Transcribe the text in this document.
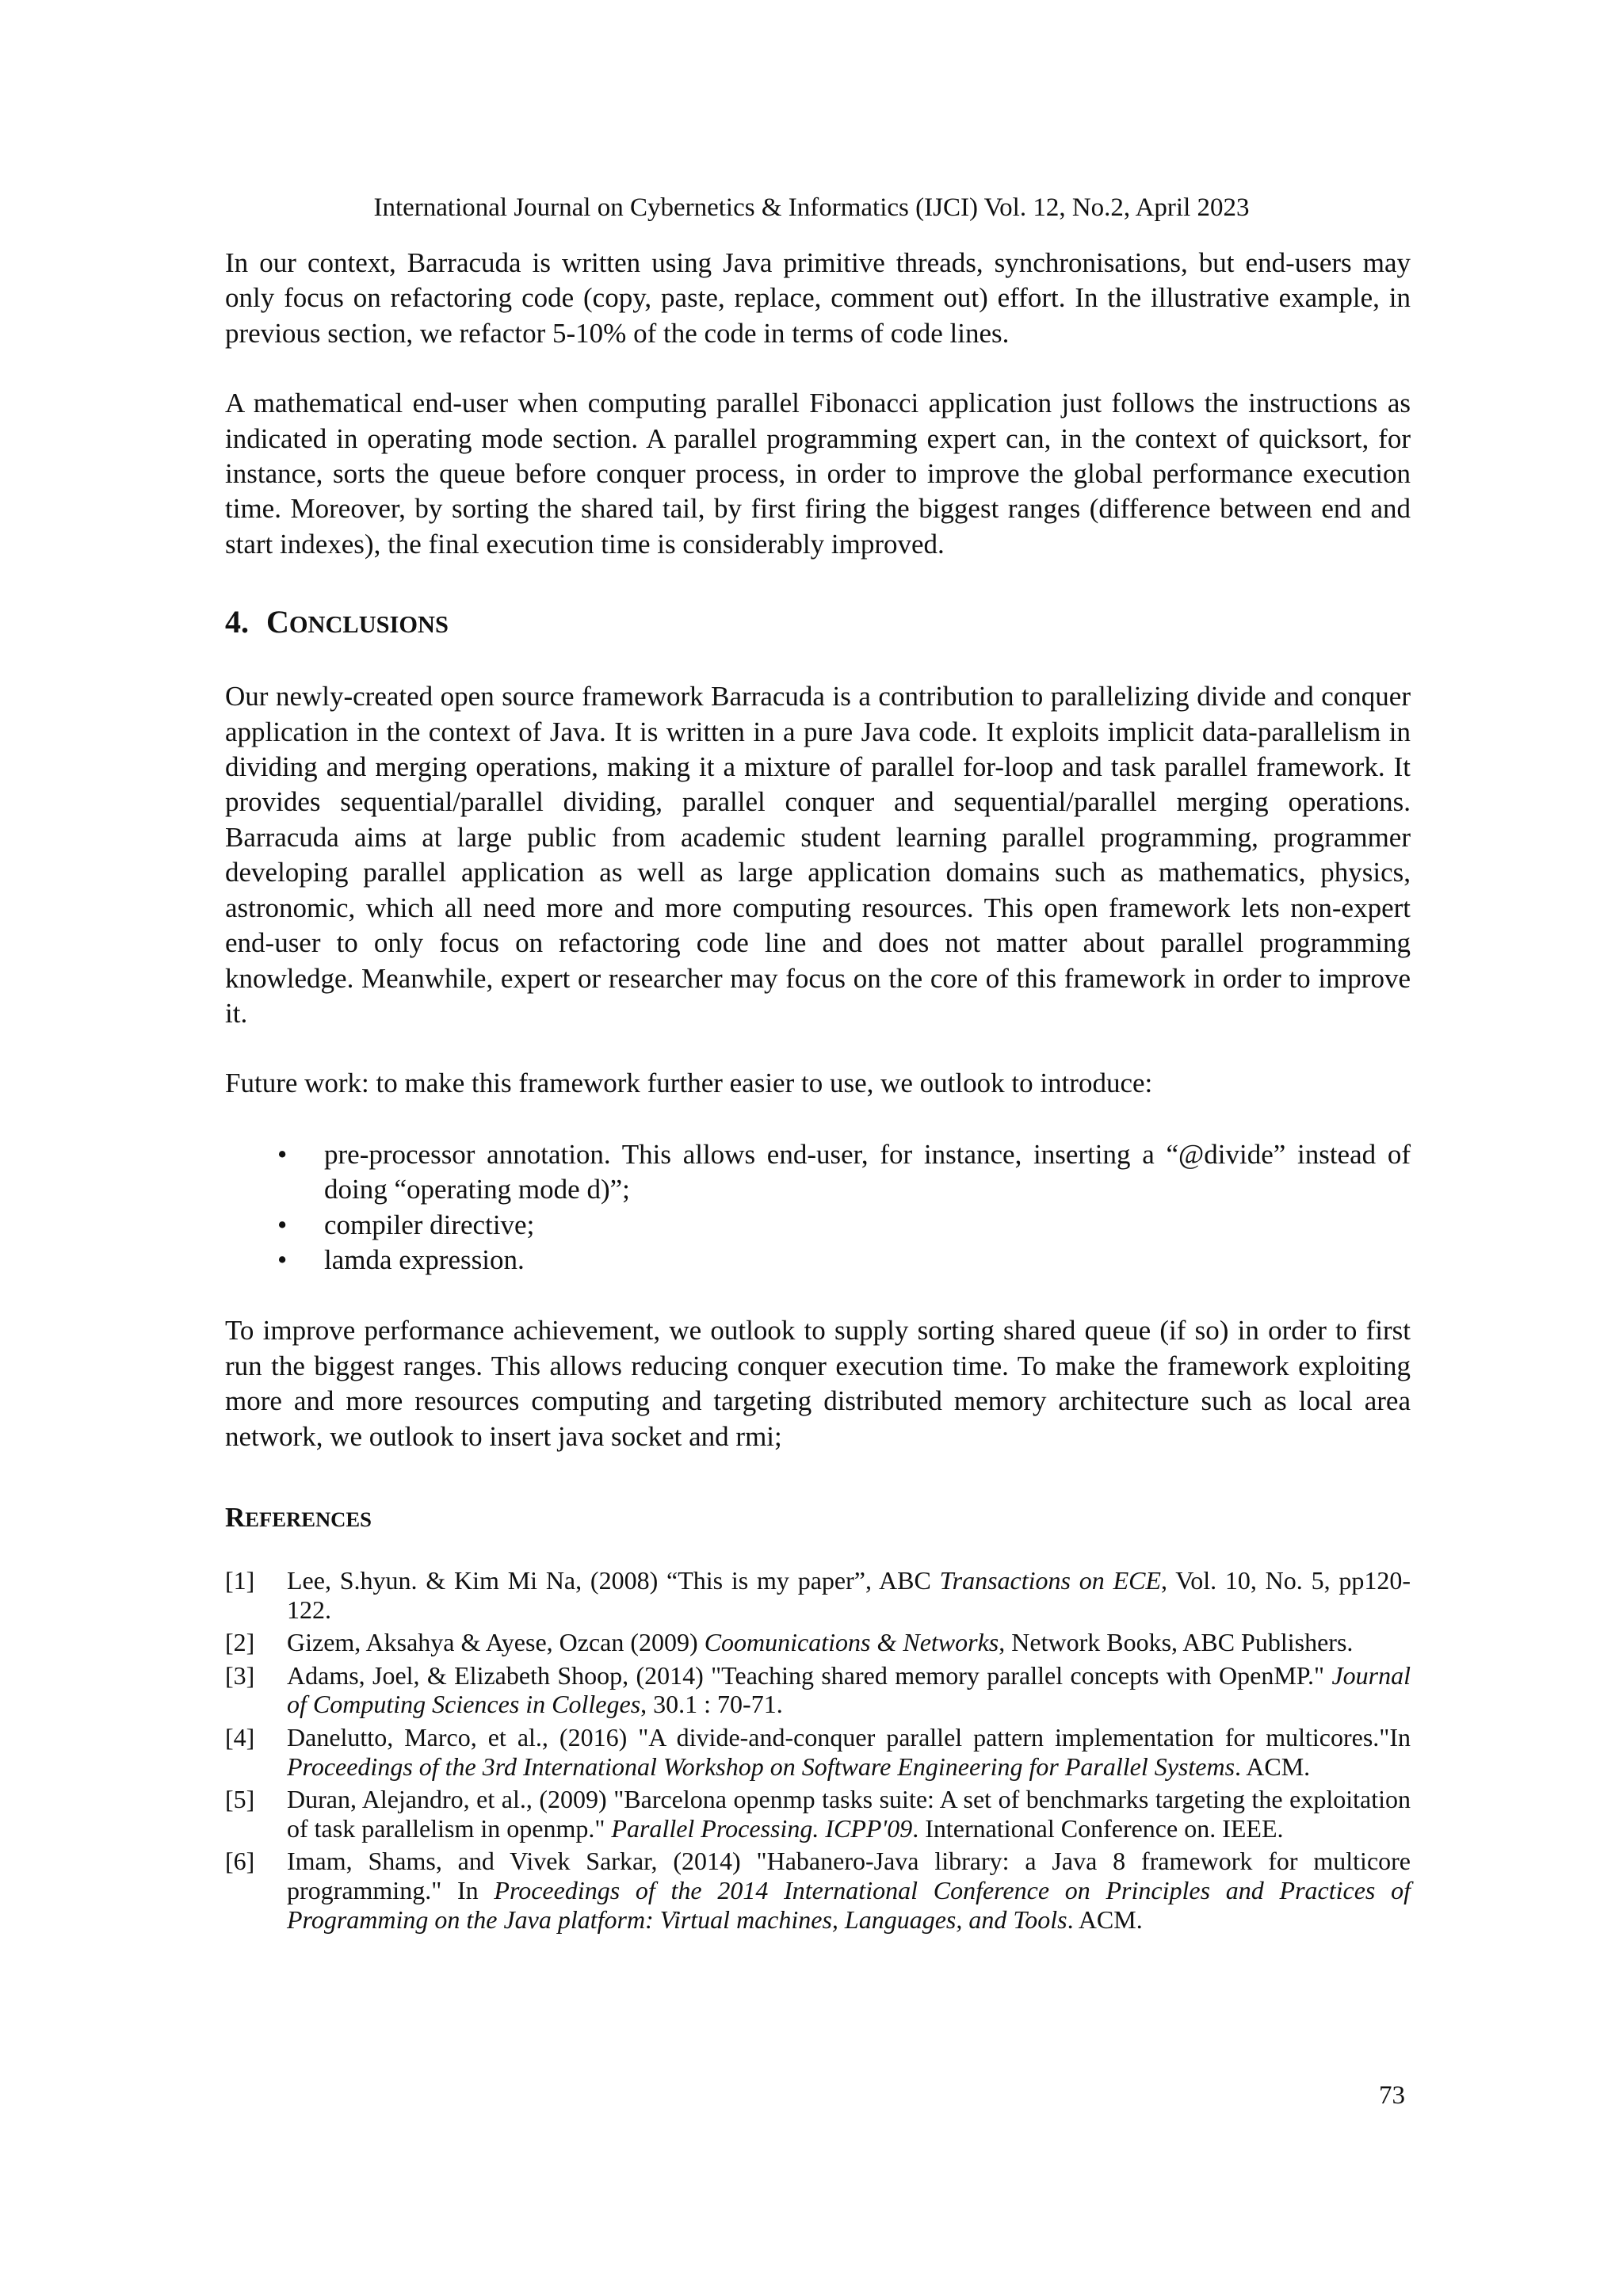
International Journal on Cybernetics & Informatics (IJCI) Vol. 12, No.2, April 2023

In our context, Barracuda is written using Java primitive threads, synchronisations, but end-users may only focus on refactoring code (copy, paste, replace, comment out) effort. In the illustrative example, in previous section, we refactor 5-10% of the code in terms of code lines.

A mathematical end-user when computing parallel Fibonacci application just follows the instructions as indicated in operating mode section. A parallel programming expert can, in the context of quicksort, for instance, sorts the queue before conquer process, in order to improve the global performance execution time. Moreover, by sorting the shared tail, by first firing the biggest ranges (difference between end and start indexes), the final execution time is considerably improved.

4. CONCLUSIONS

Our newly-created open source framework Barracuda is a contribution to parallelizing divide and conquer application in the context of Java. It is written in a pure Java code. It exploits implicit data-parallelism in dividing and merging operations, making it a mixture of parallel for-loop and task parallel framework. It provides sequential/parallel dividing, parallel conquer and sequential/parallel merging operations. Barracuda aims at large public from academic student learning parallel programming, programmer developing parallel application as well as large application domains such as mathematics, physics, astronomic, which all need more and more computing resources. This open framework lets non-expert end-user to only focus on refactoring code line and does not matter about parallel programming knowledge. Meanwhile, expert or researcher may focus on the core of this framework in order to improve it.

Future work: to make this framework further easier to use, we outlook to introduce:

• pre-processor annotation. This allows end-user, for instance, inserting a “@divide” instead of doing “operating mode d)”;
• compiler directive;
• lamda expression.

To improve performance achievement, we outlook to supply sorting shared queue (if so) in order to first run the biggest ranges. This allows reducing conquer execution time. To make the framework exploiting more and more resources computing and targeting distributed memory architecture such as local area network, we outlook to insert java socket and rmi;

REFERENCES
[1] Lee, S.hyun. & Kim Mi Na, (2008) “This is my paper”, ABC Transactions on ECE, Vol. 10, No. 5, pp120-122.
[2] Gizem, Aksahya & Ayese, Ozcan (2009) Coomunications & Networks, Network Books, ABC Publishers.
[3] Adams, Joel, & Elizabeth Shoop, (2014) "Teaching shared memory parallel concepts with OpenMP." Journal of Computing Sciences in Colleges, 30.1 : 70-71.
[4] Danelutto, Marco, et al., (2016) "A divide-and-conquer parallel pattern implementation for multicores."In Proceedings of the 3rd International Workshop on Software Engineering for Parallel Systems. ACM.
[5] Duran, Alejandro, et al., (2009) "Barcelona openmp tasks suite: A set of benchmarks targeting the exploitation of task parallelism in openmp." Parallel Processing. ICPP'09. International Conference on. IEEE.
[6] Imam, Shams, and Vivek Sarkar, (2014) "Habanero-Java library: a Java 8 framework for multicore programming." In Proceedings of the 2014 International Conference on Principles and Practices of Programming on the Java platform: Virtual machines, Languages, and Tools. ACM.
73
